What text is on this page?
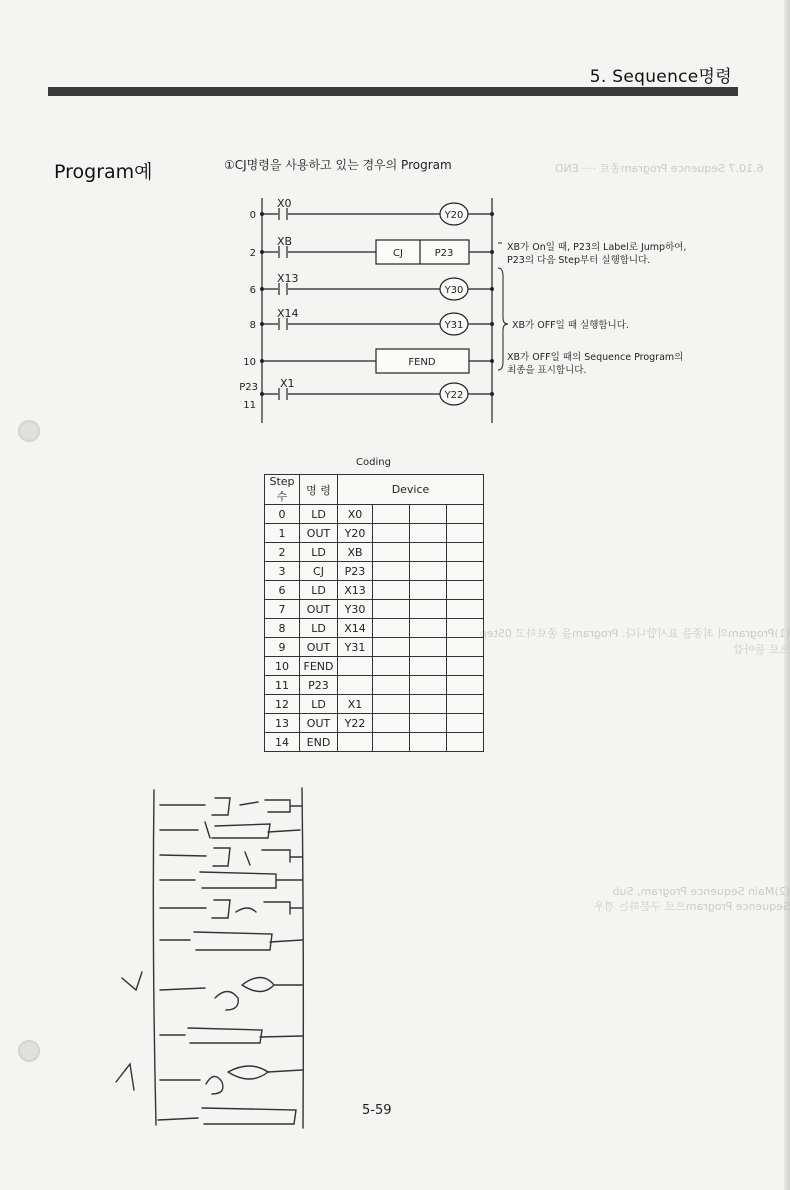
6.10.7 Sequence Program종료 ···· END
(1)Program의 최종을 표시합니다. Program을 종료하고 0Step으로 돌아갑
(2)Main Sequence Program, Sub Sequence Program으로 구분하는 경우
5. Sequence명령
Program예	①CJ명령을 사용하고 있는 경우의 Program
0
2
6
8
10
11
P23
X0
XB
X13
X14
X1
Y20
Y30
Y31
Y22
CJ	P23
FEND
XB가 On일 때, P23의 Label로 Jump하여,
P23의 다음 Step부터 실행합니다.
XB가 OFF일 때 실행합니다.
XB가 OFF일 때의 Sequence Program의
최종을 표시합니다.
Coding
Step수	명 령	Device			
0	LD	X0			
1	OUT	Y20			
2	LD	XB			
3	CJ	P23			
6	LD	X13			
7	OUT	Y30			
8	LD	X14			
9	OUT	Y31			
10	FEND				
11	P23				
12	LD	X1			
13	OUT	Y22			
14	END				
5-59
